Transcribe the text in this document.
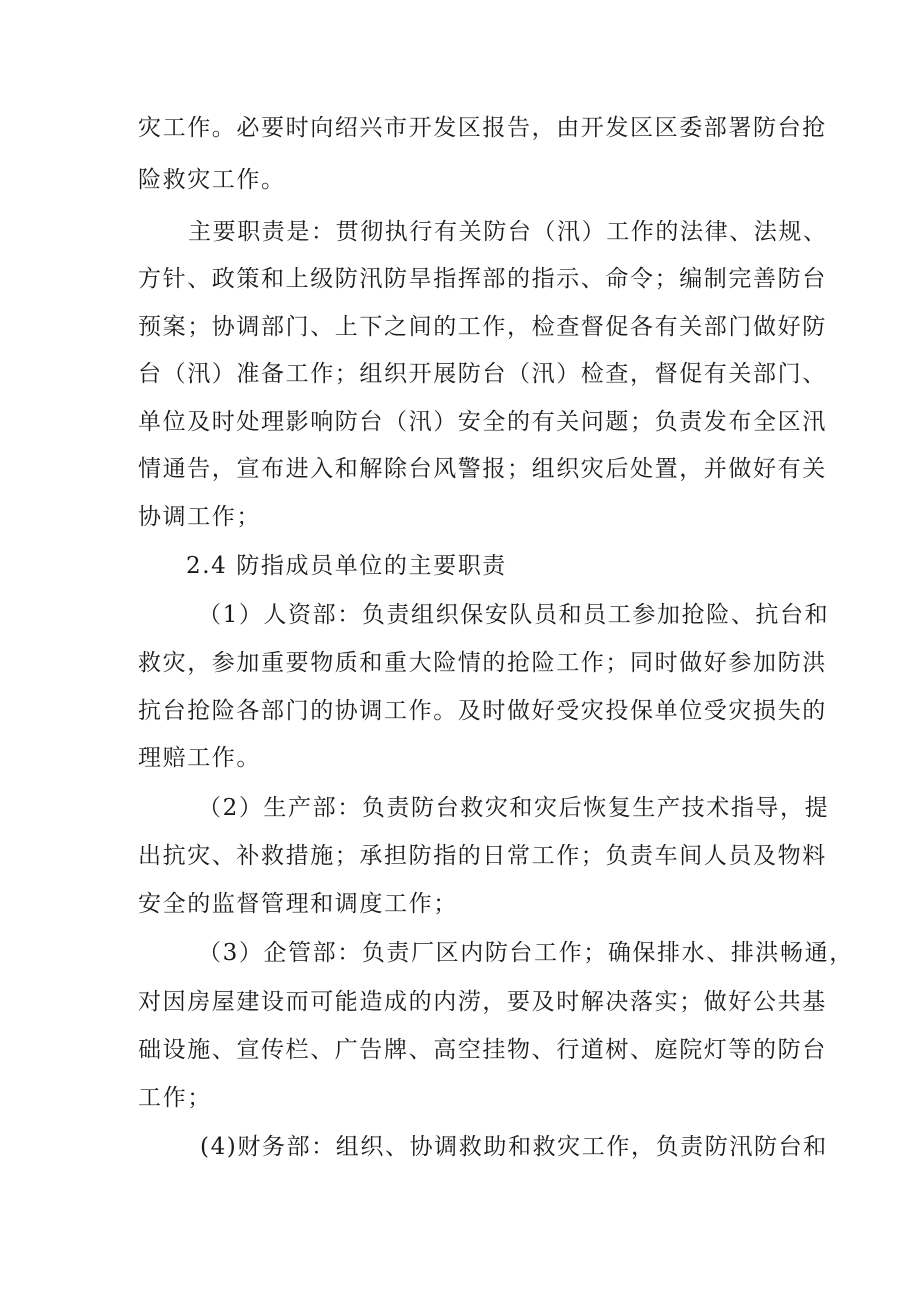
灾工作。必要时向绍兴市开发区报告，由开发区区委部署防台抢
险救灾工作。
主要职责是：贯彻执行有关防台（汛）工作的法律、法规、
方针、政策和上级防汛防旱指挥部的指示、命令；编制完善防台
预案；协调部门、上下之间的工作，检查督促各有关部门做好防
台（汛）准备工作；组织开展防台（汛）检查，督促有关部门、
单位及时处理影响防台（汛）安全的有关问题；负责发布全区汛
情通告，宣布进入和解除台风警报；组织灾后处置，并做好有关
协调工作；
2.4 防指成员单位的主要职责
（1）人资部：负责组织保安队员和员工参加抢险、抗台和
救灾，参加重要物质和重大险情的抢险工作；同时做好参加防洪
抗台抢险各部门的协调工作。及时做好受灾投保单位受灾损失的
理赔工作。
（2）生产部：负责防台救灾和灾后恢复生产技术指导，提
出抗灾、补救措施；承担防指的日常工作；负责车间人员及物料
安全的监督管理和调度工作；
（3）企管部：负责厂区内防台工作；确保排水、排洪畅通，
对因房屋建设而可能造成的内涝，要及时解决落实；做好公共基
础设施、宣传栏、广告牌、高空挂物、行道树、庭院灯等的防台
工作；
(4)财务部：组织、协调救助和救灾工作，负责防汛防台和
